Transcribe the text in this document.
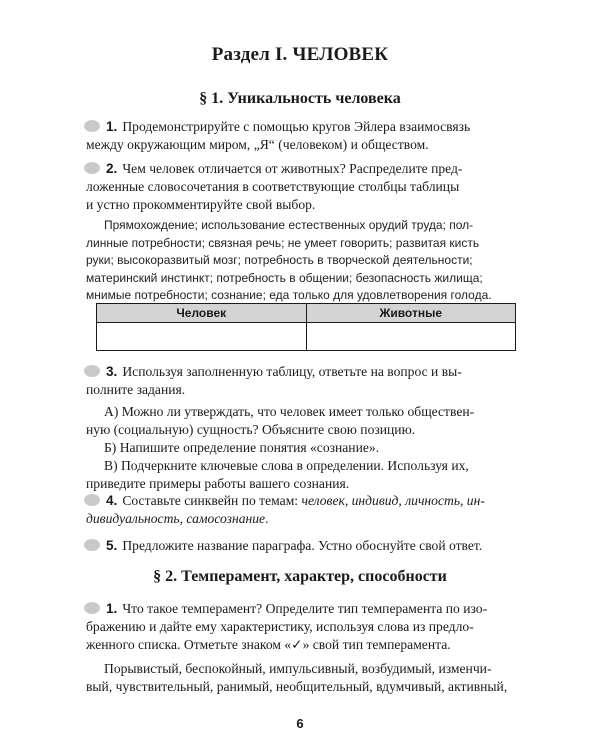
Раздел I. ЧЕЛОВЕК
§ 1. Уникальность человека
1. Продемонстрируйте с помощью кругов Эйлера взаимосвязь
между окружающим миром, „Я“ (человеком) и обществом.
2. Чем человек отличается от животных? Распределите пред-
ложенные словосочетания в соответствующие столбцы таблицы
и устно прокомментируйте свой выбор.
Прямохождение; использование естественных орудий труда; пол-
линные потребности; связная речь; не умеет говорить; развитая кисть
руки; высокоразвитый мозг; потребность в творческой деятельности;
материнский инстинкт; потребность в общении; безопасность жилища;
мнимые потребности; сознание; еда только для удовлетворения голода.
Человек	Животные

3. Используя заполненную таблицу, ответьте на вопрос и вы-
полните задания.
А) Можно ли утверждать, что человек имеет только обществен-
ную (социальную) сущность? Объясните свою позицию.
Б) Напишите определение понятия «сознание».
В) Подчеркните ключевые слова в определении. Используя их,
приведите примеры работы вашего сознания.
4. Составьте синквейн по темам: человек, индивид, личность, ин-
дивидуальность, самосознание.
5. Предложите название параграфа. Устно обоснуйте свой ответ.
§ 2. Темперамент, характер, способности
1. Что такое темперамент? Определите тип темперамента по изо-
бражению и дайте ему характеристику, используя слова из предло-
женного списка. Отметьте знаком «✓» свой тип темперамента.
Порывистый, беспокойный, импульсивный, возбудимый, изменчи-
вый, чувствительный, ранимый, необщительный, вдумчивый, активный,
6
